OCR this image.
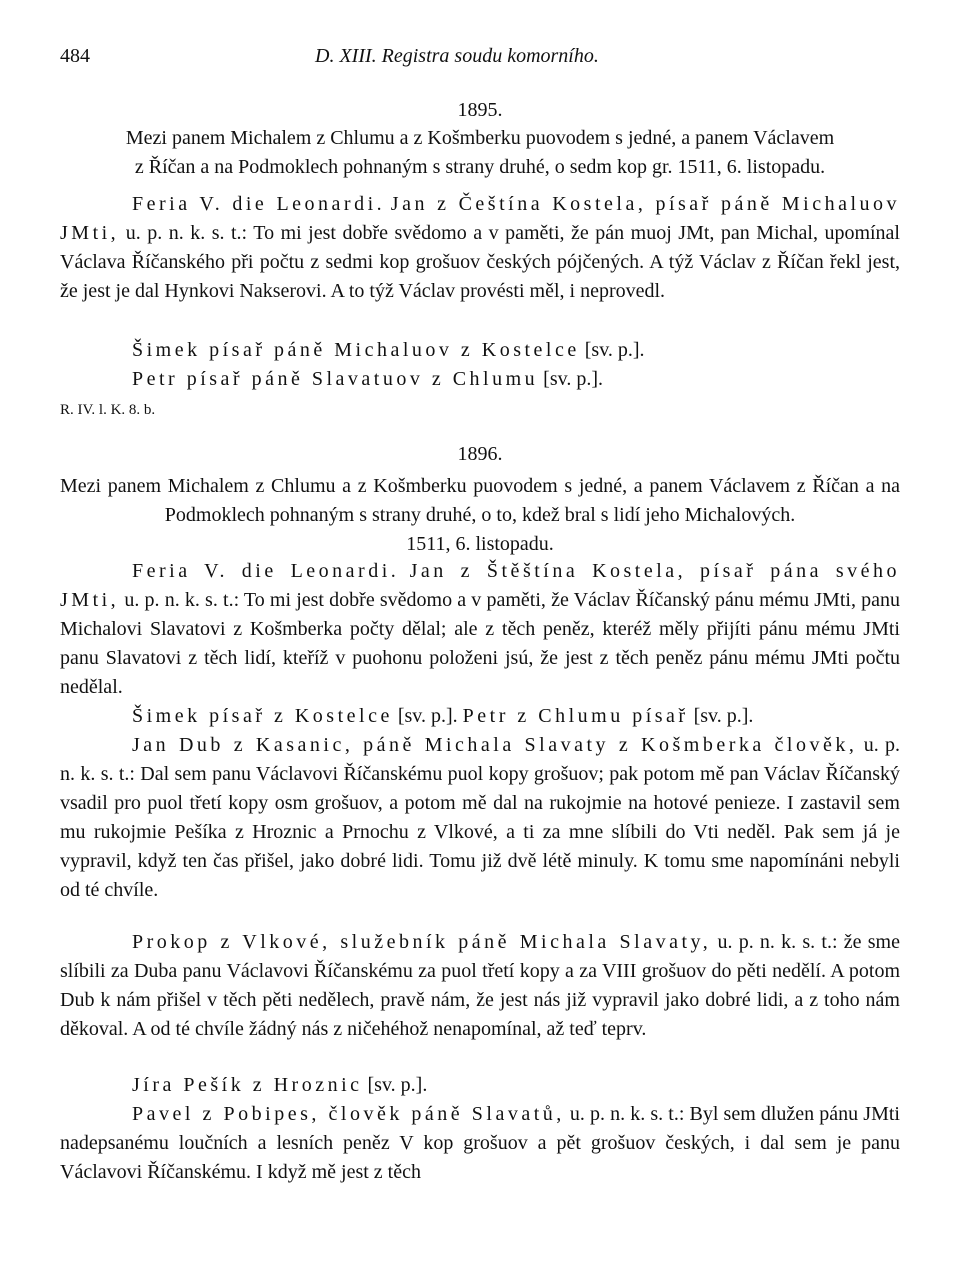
484	D. XIII. Registra soudu komorního.
1895.

Mezi panem Michalem z Chlumu a z Košmberku puovodem s jedné, a panem Václavem

z Říčan a na Podmoklech pohnaným s strany druhé, o sedm kop gr. 1511, 6. listopadu.

Feria V. die Leonardi. Jan z Češtína Kostela, písař páně Michaluov JMti, u. p. n. k. s. t.: To mi jest dobře svědomo a v paměti, že pán muoj JMt, pan Michal, upomínal Václava Říčanského při počtu z sedmi kop grošuov českých pójčených. A týž Václav z Říčan řekl jest, že jest je dal Hynkovi Nakserovi. A to týž Václav provésti měl, i neprovedl.

Šimek písař páně Michaluov z Kostelce [sv. p.].

Petr písař páně Slavatuov z Chlumu [sv. p.].

R. IV. l. K. 8. b.

1896.

Mezi panem Michalem z Chlumu a z Košmberku puovodem s jedné, a panem Václavem z Říčan a na Podmoklech pohnaným s strany druhé, o to, kdež bral s lidí jeho Michalových.

1511, 6. listopadu.

Feria V. die Leonardi. Jan z Štěštína Kostela, písař pána svého JMti, u. p. n. k. s. t.: To mi jest dobře svědomo a v paměti, že Václav Říčanský pánu mému JMti, panu Michalovi Slavatovi z Košmberka počty dělal; ale z těch peněz, kteréž měly přijíti pánu mému JMti panu Slavatovi z těch lidí, kteříž v puohonu položeni jsú, že jest z těch peněz pánu mému JMti počtu nedělal.

Šimek písař z Kostelce [sv. p.]. Petr z Chlumu písař [sv. p.].

Jan Dub z Kasanic, páně Michala Slavaty z Košmberka člověk, u. p. n. k. s. t.: Dal sem panu Václavovi Říčanskému puol kopy grošuov; pak potom mě pan Václav Říčanský vsadil pro puol třetí kopy osm grošuov, a potom mě dal na rukojmie na hotové penieze. I zastavil sem mu rukojmie Pešíka z Hroznic a Prnochu z Vlkové, a ti za mne slíbili do Vti neděl. Pak sem já je vypravil, když ten čas přišel, jako dobré lidi. Tomu již dvě létě minuly. K tomu sme napomínáni nebyli od té chvíle.

Prokop z Vlkové, služebník páně Michala Slavaty, u. p. n. k. s. t.: že sme slíbili za Duba panu Václavovi Říčanskému za puol třetí kopy a za VIII grošuov do pěti nedělí. A potom Dub k nám přišel v těch pěti nedělech, pravě nám, že jest nás již vypravil jako dobré lidi, a z toho nám děkoval. A od té chvíle žádný nás z ničehéhož nenapomínal, až teď teprv.

Jíra Pešík z Hroznic [sv. p.].

Pavel z Pobipes, člověk páně Slavatů, u. p. n. k. s. t.: Byl sem dlužen pánu JMti nadepsanému loučních a lesních peněz V kop grošuov a pět grošuov českých, i dal sem je panu Václavovi Říčanskému. I když mě jest z těch
